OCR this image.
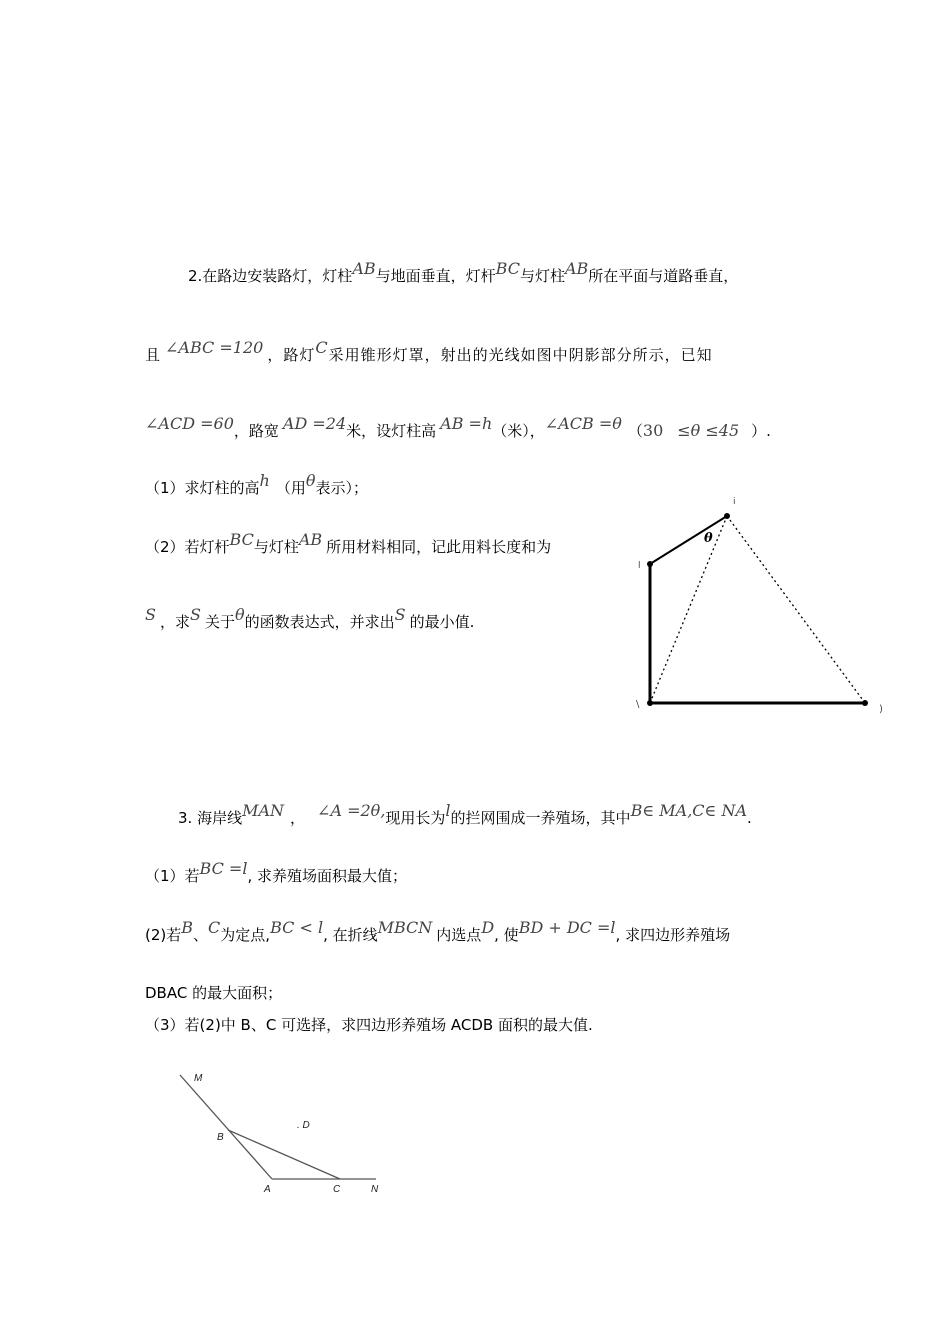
2.在路边安装路灯，灯柱AB与地面垂直，灯杆BC与灯柱AB所在平面与道路垂直，
且 ∠ABC =120 ，路灯C采用锥形灯罩，射出的光线如图中阴影部分所示，已知
∠ACD =60，路宽 AD =24米，设灯柱高 AB =h（米），∠ACB =θ （30 ≤θ ≤45 ）.
（1）求灯柱的高h （用θ表示）；
（2）若灯杆BC与灯柱AB 所用材料相同，记此用料长度和为
S ，求S 关于θ的函数表达式，并求出S 的最小值.
θ
i
l
\	)
3. 海岸线MAN ， ∠A =2θ,现用长为l的拦网围成一养殖场，其中B∈ MA,C∈ NA.
（1）若BC =l, 求养殖场面积最大值；
(2)若B、C为定点,BC < l, 在折线MBCN 内选点D, 使BD + DC =l, 求四边形养殖场
DBAC 的最大面积；
（3）若(2)中 B、C 可选择，求四边形养殖场 ACDB 面积的最大值.
M
B
. D
A	C	N
